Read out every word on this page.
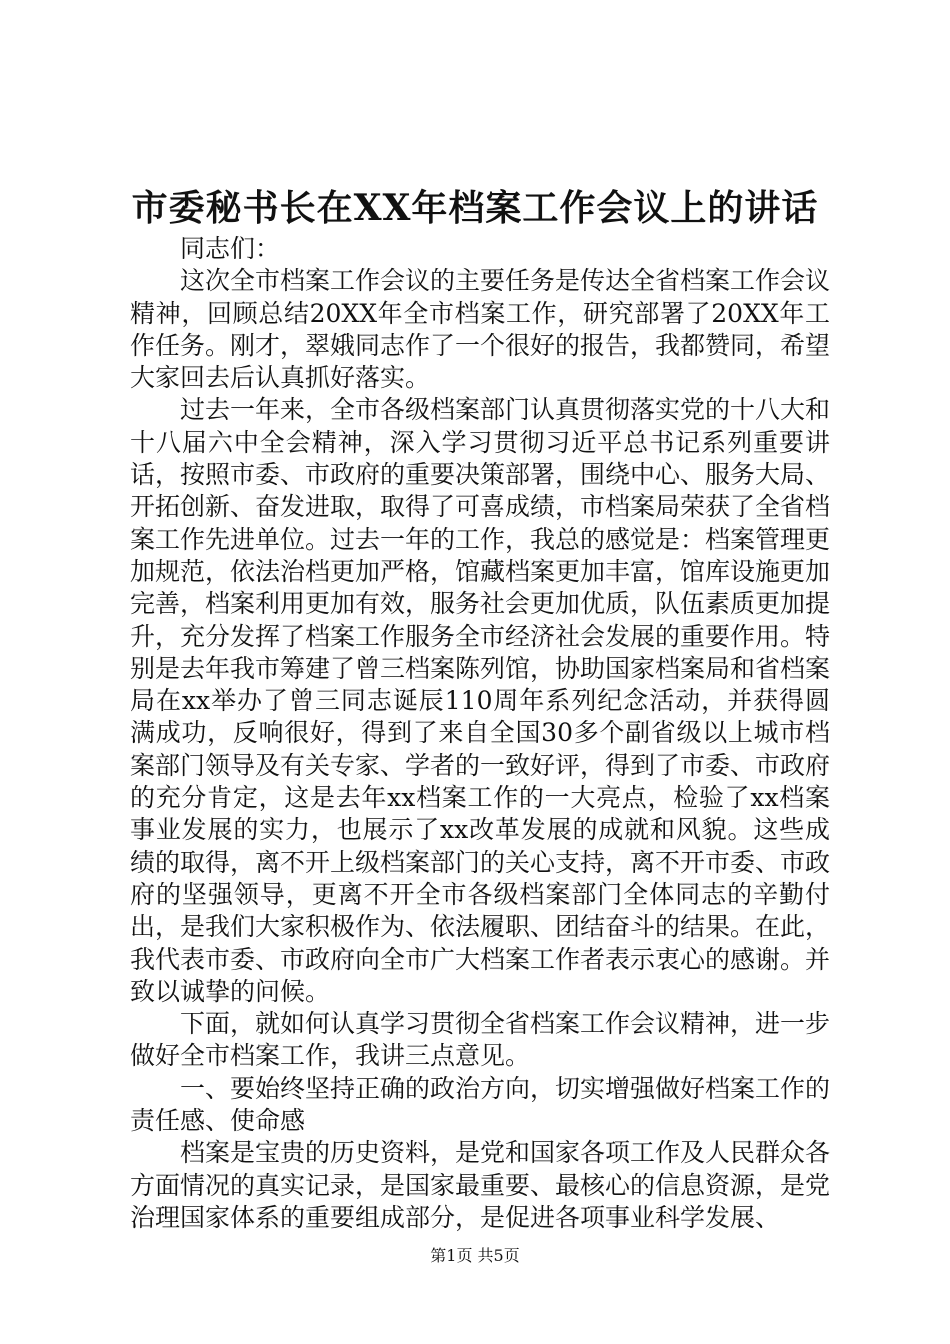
市委秘书长在XX年档案工作会议上的讲话

同志们：

这次全市档案工作会议的主要任务是传达全省档案工作会议精神，回顾总结20XX年全市档案工作，研究部署了20XX年工作任务。刚才，翠娥同志作了一个很好的报告，我都赞同，希望大家回去后认真抓好落实。

过去一年来，全市各级档案部门认真贯彻落实党的十八大和十八届六中全会精神，深入学习贯彻习近平总书记系列重要讲话，按照市委、市政府的重要决策部署，围绕中心、服务大局、开拓创新、奋发进取，取得了可喜成绩，市档案局荣获了全省档案工作先进单位。过去一年的工作，我总的感觉是：档案管理更加规范，依法治档更加严格，馆藏档案更加丰富，馆库设施更加完善，档案利用更加有效，服务社会更加优质，队伍素质更加提升，充分发挥了档案工作服务全市经济社会发展的重要作用。特别是去年我市筹建了曾三档案陈列馆，协助国家档案局和省档案局在xx举办了曾三同志诞辰110周年系列纪念活动，并获得圆满成功，反响很好，得到了来自全国30多个副省级以上城市档案部门领导及有关专家、学者的一致好评，得到了市委、市政府的充分肯定，这是去年xx档案工作的一大亮点，检验了xx档案事业发展的实力，也展示了xx改革发展的成就和风貌。这些成绩的取得，离不开上级档案部门的关心支持，离不开市委、市政府的坚强领导，更离不开全市各级档案部门全体同志的辛勤付出，是我们大家积极作为、依法履职、团结奋斗的结果。在此，我代表市委、市政府向全市广大档案工作者表示衷心的感谢。并致以诚挚的问候。

下面，就如何认真学习贯彻全省档案工作会议精神，进一步做好全市档案工作，我讲三点意见。

一、要始终坚持正确的政治方向，切实增强做好档案工作的责任感、使命感

档案是宝贵的历史资料，是党和国家各项工作及人民群众各方面情况的真实记录，是国家最重要、最核心的信息资源，是党治理国家体系的重要组成部分，是促进各项事业科学发展、

第1页 共5页
